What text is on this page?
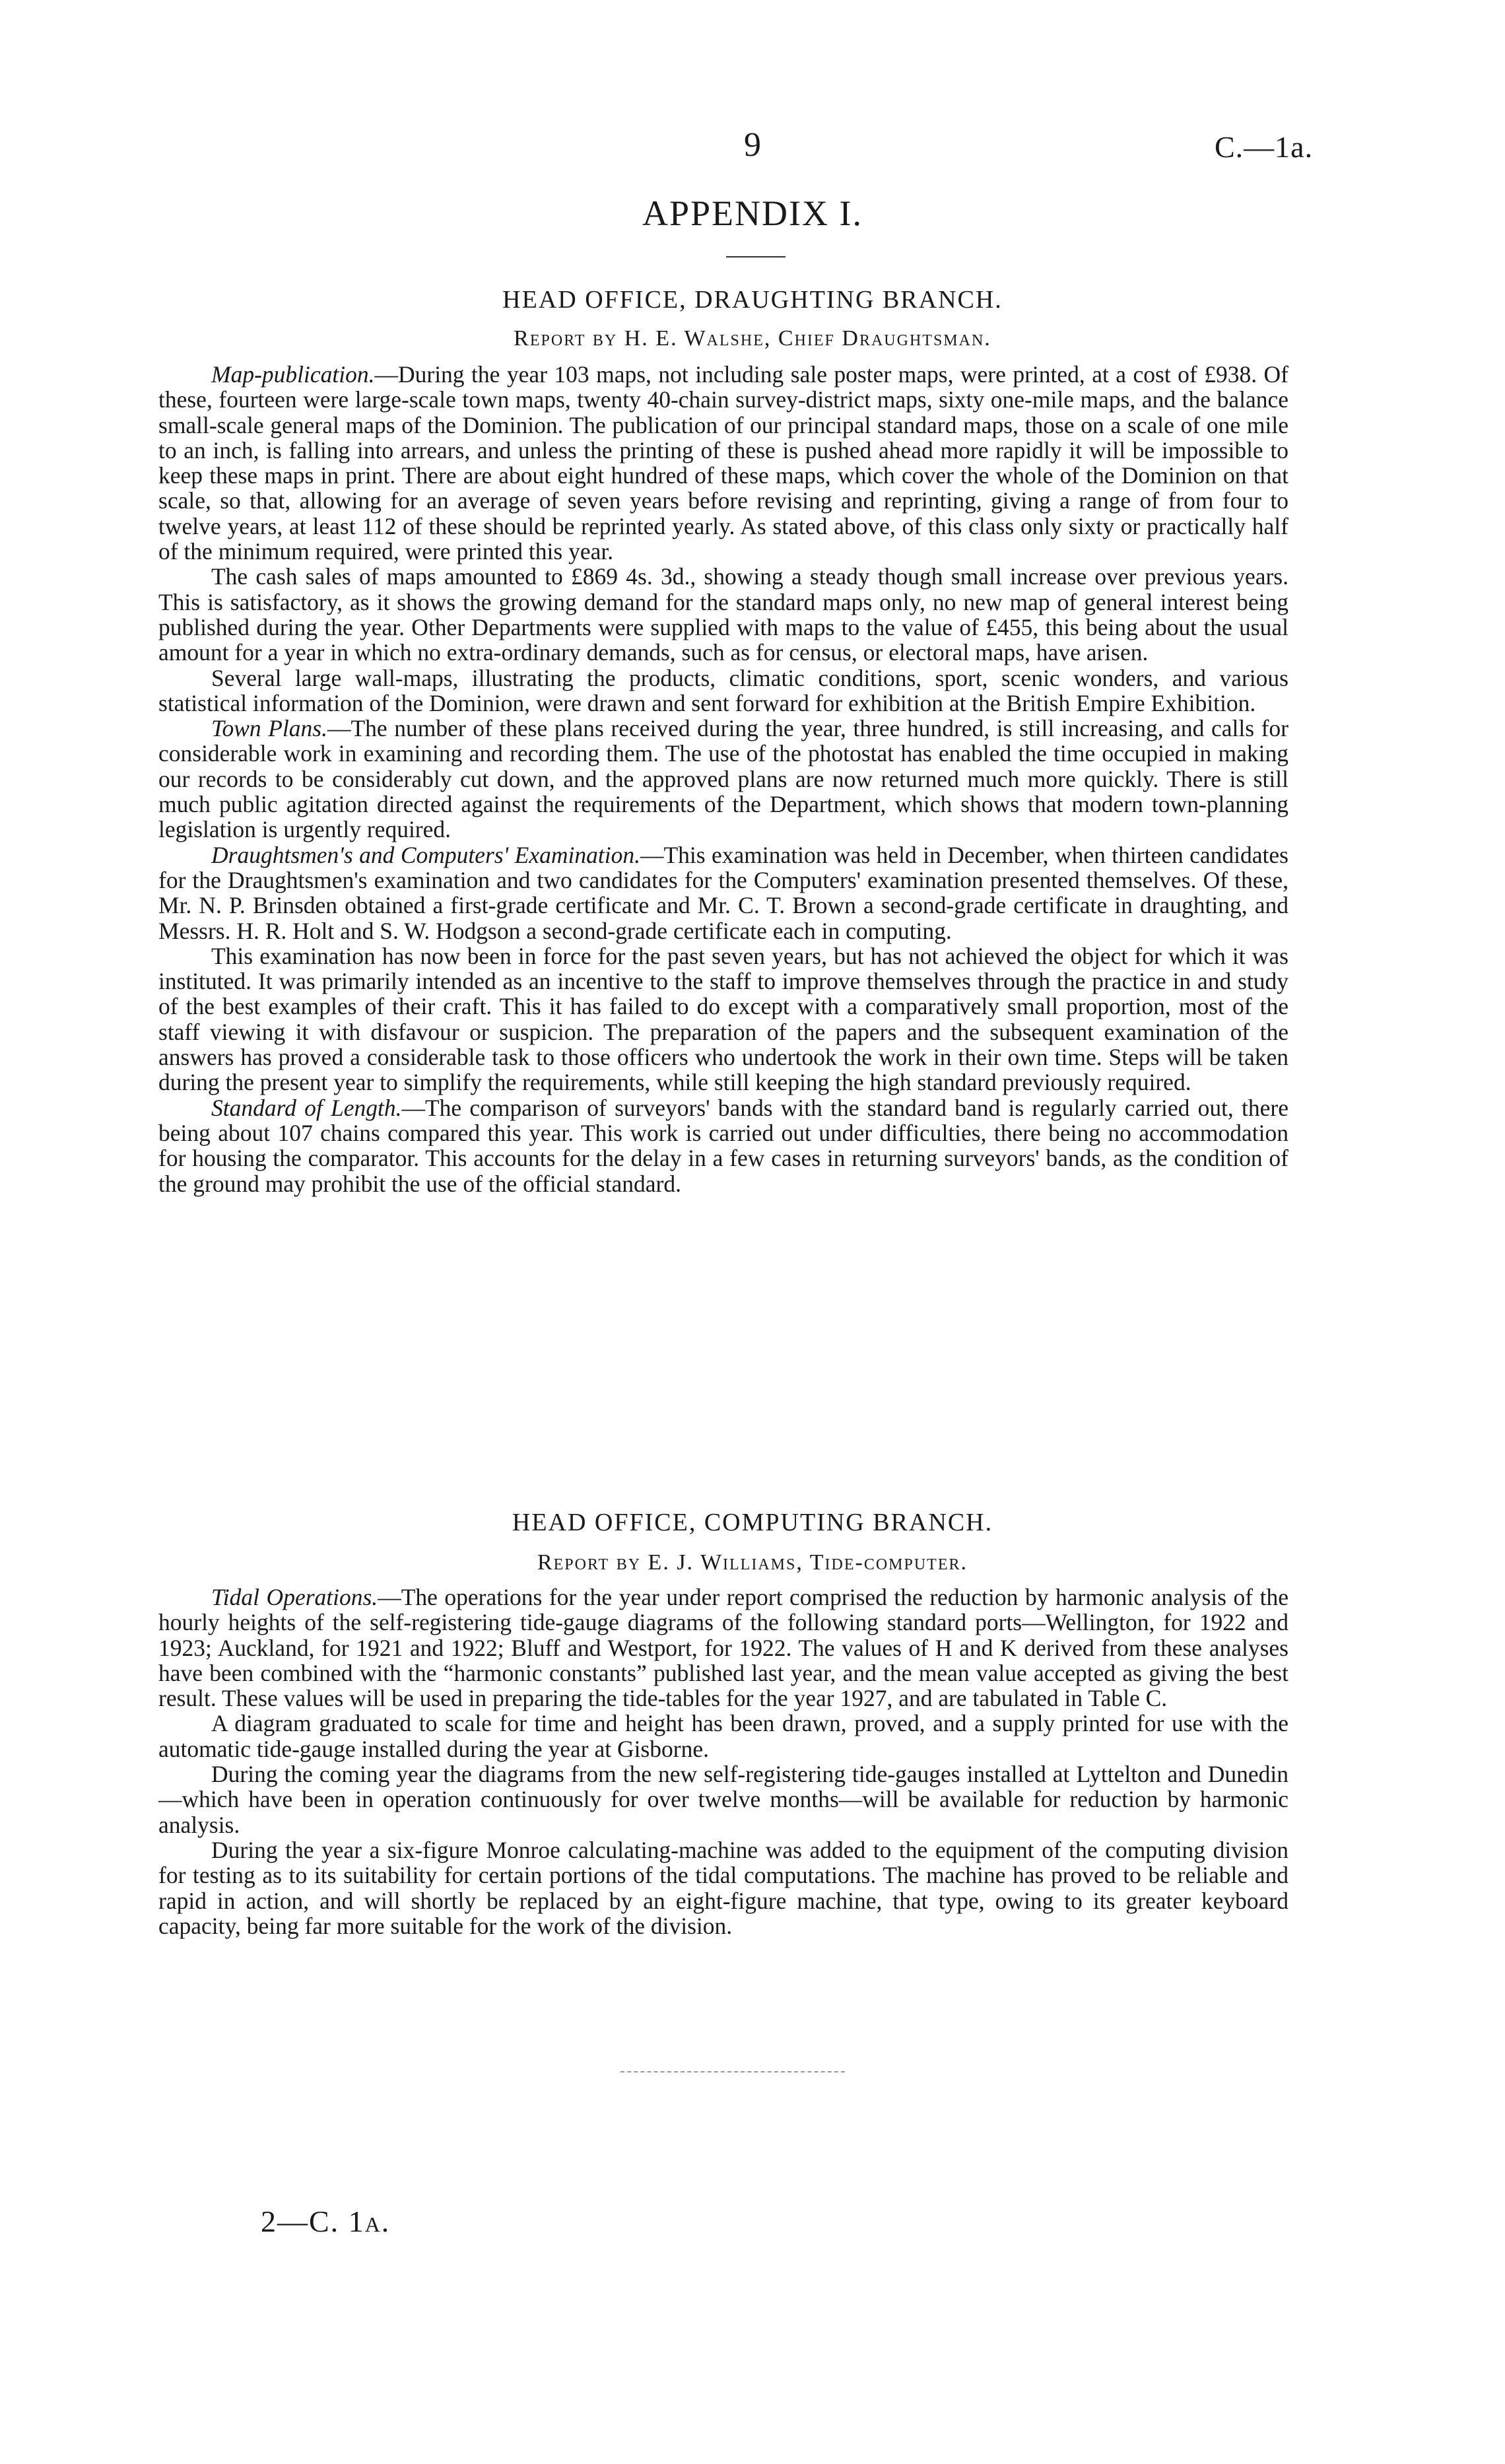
9	C.—1a.
APPENDIX I.
HEAD OFFICE, DRAUGHTING BRANCH.
Report by H. E. Walshe, Chief Draughtsman.

Map-publication.—During the year 103 maps, not including sale poster maps, were printed, at a cost of £938. Of these, fourteen were large-scale town maps, twenty 40-chain survey-district maps, sixty one-mile maps, and the balance small-scale general maps of the Dominion. The publication of our principal standard maps, those on a scale of one mile to an inch, is falling into arrears, and unless the printing of these is pushed ahead more rapidly it will be impossible to keep these maps in print. There are about eight hundred of these maps, which cover the whole of the Dominion on that scale, so that, allowing for an average of seven years before revising and reprinting, giving a range of from four to twelve years, at least 112 of these should be reprinted yearly. As stated above, of this class only sixty or practically half of the minimum required, were printed this year.

The cash sales of maps amounted to £869 4s. 3d., showing a steady though small increase over previous years. This is satisfactory, as it shows the growing demand for the standard maps only, no new map of general interest being published during the year. Other Departments were supplied with maps to the value of £455, this being about the usual amount for a year in which no extra-ordinary demands, such as for census, or electoral maps, have arisen.

Several large wall-maps, illustrating the products, climatic conditions, sport, scenic wonders, and various statistical information of the Dominion, were drawn and sent forward for exhibition at the British Empire Exhibition.

Town Plans.—The number of these plans received during the year, three hundred, is still increasing, and calls for considerable work in examining and recording them. The use of the photostat has enabled the time occupied in making our records to be considerably cut down, and the approved plans are now returned much more quickly. There is still much public agitation directed against the requirements of the Department, which shows that modern town-planning legislation is urgently required.

Draughtsmen's and Computers' Examination.—This examination was held in December, when thirteen candidates for the Draughtsmen's examination and two candidates for the Computers' examination presented themselves. Of these, Mr. N. P. Brinsden obtained a first-grade certificate and Mr. C. T. Brown a second-grade certificate in draughting, and Messrs. H. R. Holt and S. W. Hodgson a second-grade certificate each in computing.

This examination has now been in force for the past seven years, but has not achieved the object for which it was instituted. It was primarily intended as an incentive to the staff to improve themselves through the practice in and study of the best examples of their craft. This it has failed to do except with a comparatively small proportion, most of the staff viewing it with disfavour or suspicion. The preparation of the papers and the subsequent examination of the answers has proved a considerable task to those officers who undertook the work in their own time. Steps will be taken during the present year to simplify the requirements, while still keeping the high standard previously required.

Standard of Length.—The comparison of surveyors' bands with the standard band is regularly carried out, there being about 107 chains compared this year. This work is carried out under difficulties, there being no accommodation for housing the comparator. This accounts for the delay in a few cases in returning surveyors' bands, as the condition of the ground may prohibit the use of the official standard.

HEAD OFFICE, COMPUTING BRANCH.
Report by E. J. Williams, Tide-computer.

Tidal Operations.—The operations for the year under report comprised the reduction by harmonic analysis of the hourly heights of the self-registering tide-gauge diagrams of the following standard ports—Wellington, for 1922 and 1923; Auckland, for 1921 and 1922; Bluff and Westport, for 1922. The values of H and K derived from these analyses have been combined with the “harmonic constants” published last year, and the mean value accepted as giving the best result. These values will be used in preparing the tide-tables for the year 1927, and are tabulated in Table C.

A diagram graduated to scale for time and height has been drawn, proved, and a supply printed for use with the automatic tide-gauge installed during the year at Gisborne.

During the coming year the diagrams from the new self-registering tide-gauges installed at Lyttelton and Dunedin—which have been in operation continuously for over twelve months—will be available for reduction by harmonic analysis.

During the year a six-figure Monroe calculating-machine was added to the equipment of the computing division for testing as to its suitability for certain portions of the tidal computations. The machine has proved to be reliable and rapid in action, and will shortly be replaced by an eight-figure machine, that type, owing to its greater keyboard capacity, being far more suitable for the work of the division.

2—C. 1a.
